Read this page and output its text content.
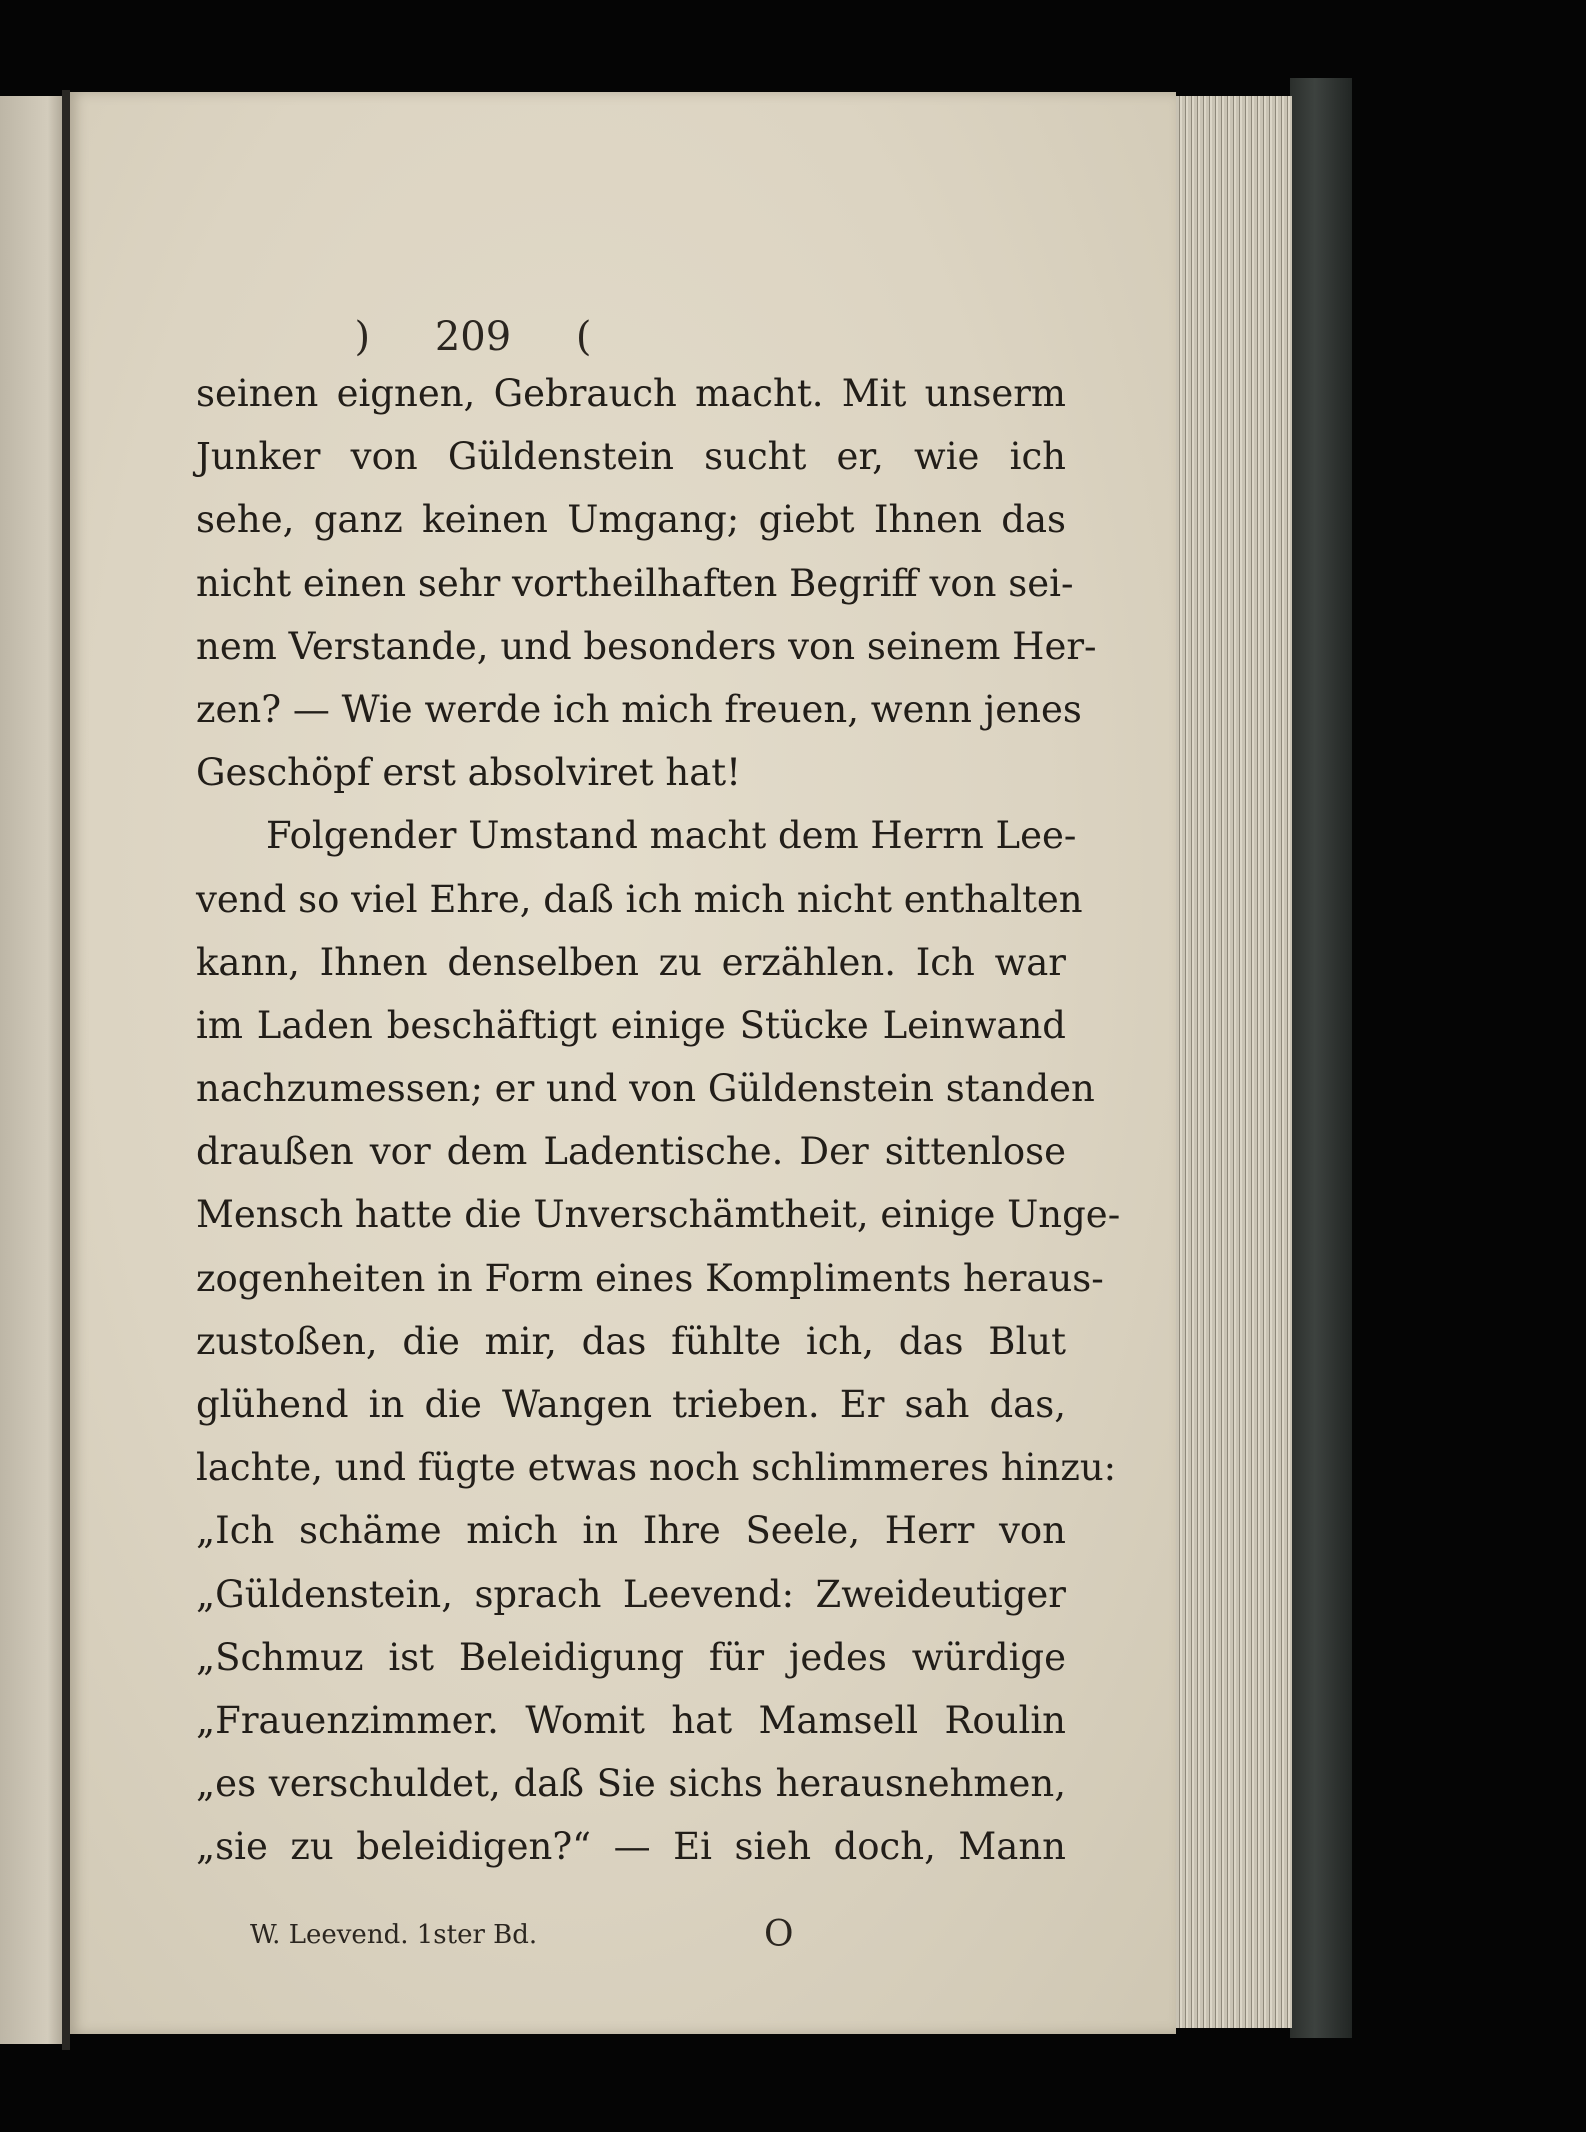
) 209 (
seinen eignen, Gebrauch macht. Mit unserm
Junker von Güldenstein sucht er, wie ich
sehe, ganz keinen Umgang; giebt Ihnen das
nicht einen sehr vortheilhaften Begriff von sei-
nem Verstande, und besonders von seinem Her-
zen? — Wie werde ich mich freuen, wenn jenes
Geschöpf erst absolviret hat!
Folgender Umstand macht dem Herrn Lee-
vend so viel Ehre, daß ich mich nicht enthalten
kann, Ihnen denselben zu erzählen. Ich war
im Laden beschäftigt einige Stücke Leinwand
nachzumessen; er und von Güldenstein standen
draußen vor dem Ladentische. Der sittenlose
Mensch hatte die Unverschämtheit, einige Unge-
zogenheiten in Form eines Kompliments heraus-
zustoßen, die mir, das fühlte ich, das Blut
glühend in die Wangen trieben. Er sah das,
lachte, und fügte etwas noch schlimmeres hinzu:
„Ich schäme mich in Ihre Seele, Herr von
„Güldenstein, sprach Leevend: Zweideutiger
„Schmuz ist Beleidigung für jedes würdige
„Frauenzimmer. Womit hat Mamsell Roulin
„es verschuldet, daß Sie sichs herausnehmen,
„sie zu beleidigen?“ — Ei sieh doch, Mann
W. Leevend. 1ster Bd.	O
